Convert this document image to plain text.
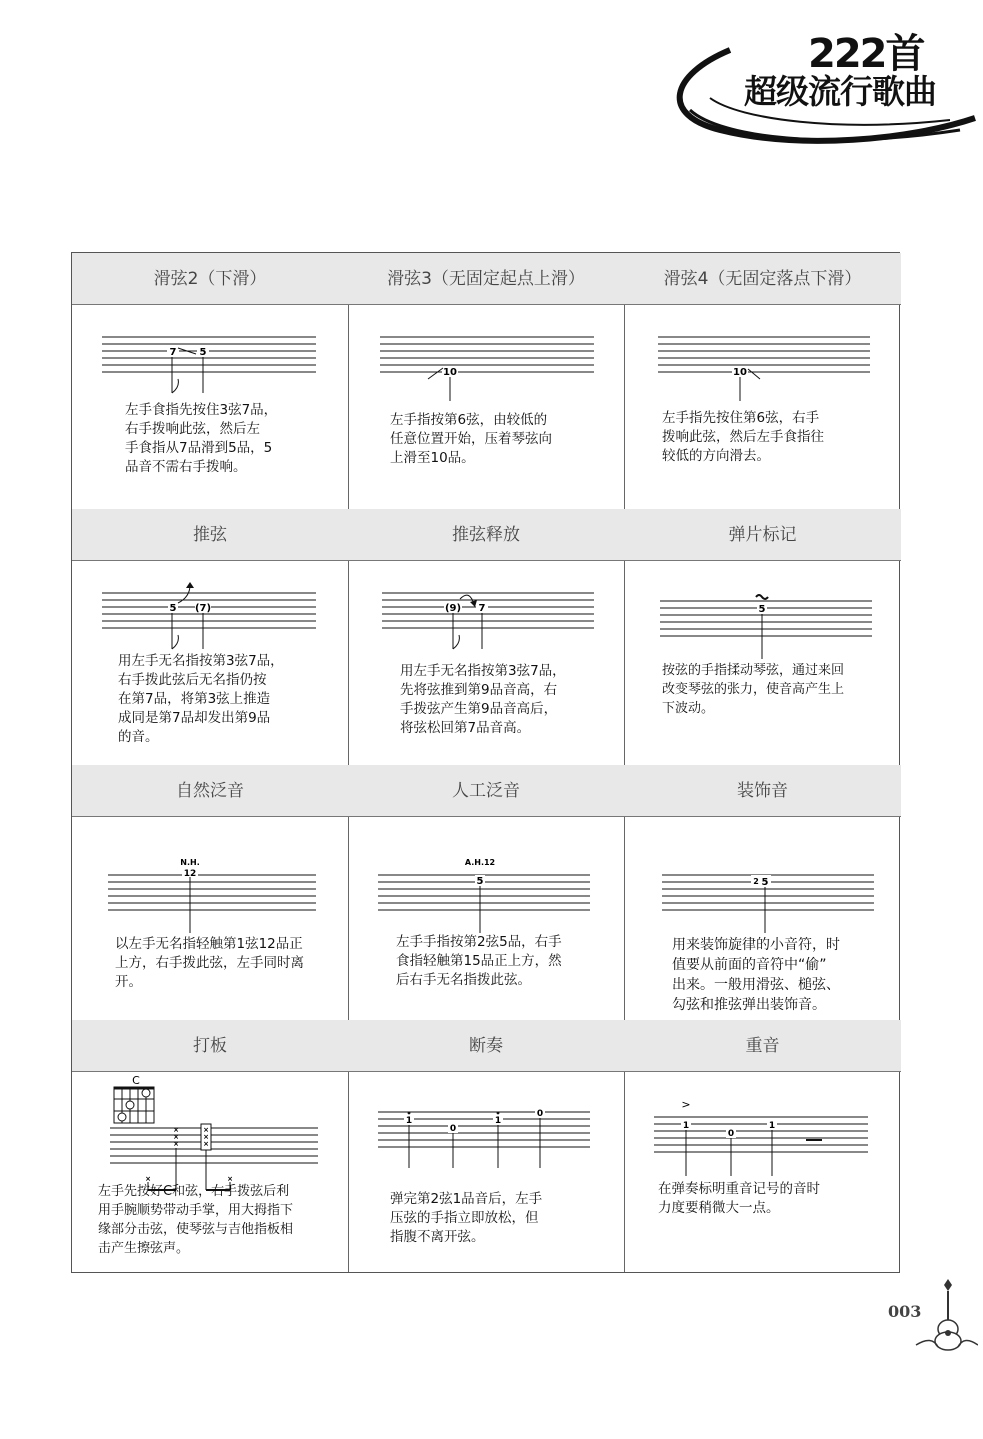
222首
超级流行歌曲
滑弦2（下滑）
7 5
左手食指先按住3弦7品，
右手拨响此弦，然后左
手食指从7品滑到5品，5
品音不需右手拨响。
滑弦3（无固定起点上滑）
10
左手指按第6弦，由较低的
任意位置开始，压着琴弦向
上滑至10品。
滑弦4（无固定落点下滑）
10
左手指先按住第6弦，右手
拨响此弦，然后左手食指往
较低的方向滑去。
推弦
5 (7)
用左手无名指按第3弦7品，
右手拨此弦后无名指仍按
在第7品，将第3弦上推造
成同是第7品却发出第9品
的音。
推弦释放
(9) 7
用左手无名指按第3弦7品，
先将弦推到第9品音高，右
手拨弦产生第9品音高后，
将弦松回第7品音高。
弹片标记
5
按弦的手指揉动琴弦，通过来回
改变琴弦的张力，使音高产生上
下波动。
自然泛音
N.H.
12
以左手无名指轻触第1弦12品正
上方，右手拨此弦，左手同时离
开。
人工泛音
A.H.12
5
左手手指按第2弦5品，右手
食指轻触第15品正上方，然
后右手无名指拨此弦。
装饰音
2 5
用来装饰旋律的小音符，时
值要从前面的音符中“偷”
出来。一般用滑弦、槌弦、
勾弦和推弦弹出装饰音。
打板
C
×
×
×
×
×
×
×	×
左手先按好C和弦，右手拨弦后利
用手腕顺势带动手掌，用大拇指下
缘部分击弦，使琴弦与吉他指板相
击产生擦弦声。
断奏
1
0
1
0
弹完第2弦1品音后，左手
压弦的手指立即放松，但
指腹不离开弦。
重音
>
1
0
1
在弹奏标明重音记号的音时
力度要稍微大一点。
003
